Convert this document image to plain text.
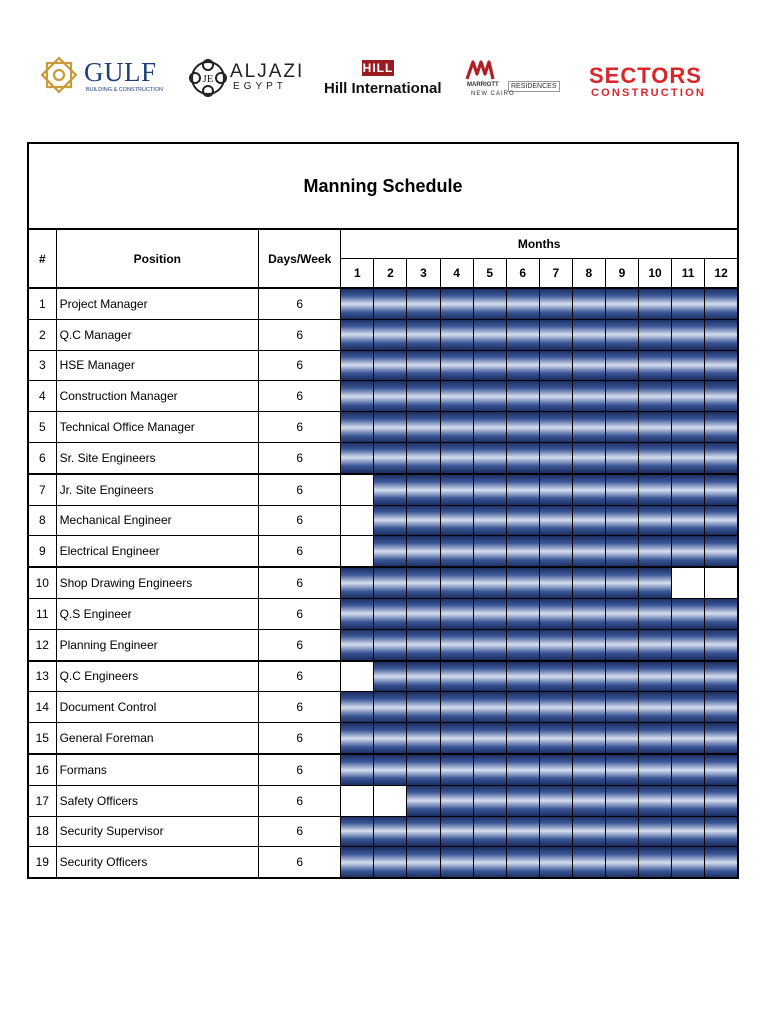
GULF
BUILDING & CONSTRUCTION
JE ALJAZI
EGYPT
HILL
Hill International	MARRIOTT	RESIDENCES
NEW CAIRO
SECTORS
CONSTRUCTION
Manning Schedule
#	Position	Days/Week	Months											
			1	2	3	4	5	6	7	8	9	10	11	12
1	Project Manager	6												
2	Q.C Manager	6												
3	HSE Manager	6												
4	Construction Manager	6												
5	Technical Office Manager	6												
6	Sr. Site Engineers	6												
7	Jr. Site Engineers	6												
8	Mechanical Engineer	6												
9	Electrical Engineer	6												
10	Shop Drawing Engineers	6												
11	Q.S Engineer	6												
12	Planning Engineer	6												
13	Q.C Engineers	6												
14	Document Control	6												
15	General Foreman	6												
16	Formans	6												
17	Safety Officers	6												
18	Security Supervisor	6												
19	Security Officers	6												
